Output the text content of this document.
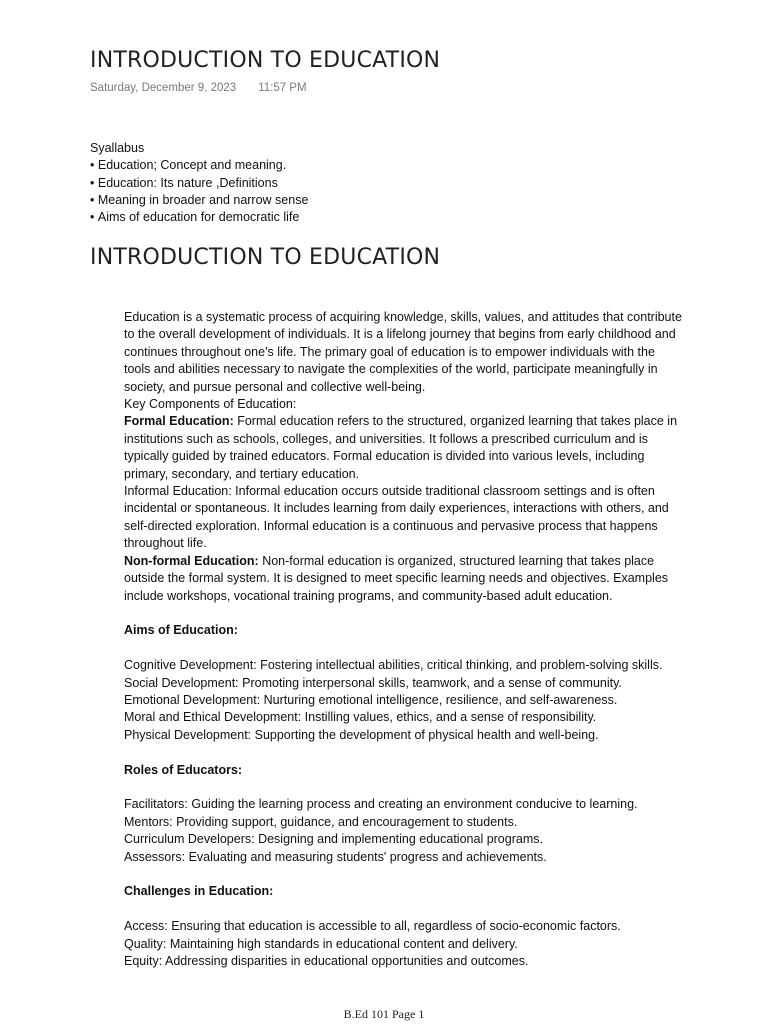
INTRODUCTION TO EDUCATION
Saturday, December 9, 2023 11:57 PM
Syallabus
• Education; Concept and meaning.
• Education: Its nature ,Definitions
• Meaning in broader and narrow sense
• Aims of education for democratic life
INTRODUCTION TO EDUCATION

Education is a systematic process of acquiring knowledge, skills, values, and attitudes that contribute to the overall development of individuals. It is a lifelong journey that begins from early childhood and continues throughout one's life. The primary goal of education is to empower individuals with the tools and abilities necessary to navigate the complexities of the world, participate meaningfully in society, and pursue personal and collective well-being.

Key Components of Education:

Formal Education: Formal education refers to the structured, organized learning that takes place in institutions such as schools, colleges, and universities. It follows a prescribed curriculum and is typically guided by trained educators. Formal education is divided into various levels, including primary, secondary, and tertiary education.

Informal Education: Informal education occurs outside traditional classroom settings and is often incidental or spontaneous. It includes learning from daily experiences, interactions with others, and self-directed exploration. Informal education is a continuous and pervasive process that happens throughout life.

Non-formal Education: Non-formal education is organized, structured learning that takes place outside the formal system. It is designed to meet specific learning needs and objectives. Examples include workshops, vocational training programs, and community-based adult education.

Aims of Education:

Cognitive Development: Fostering intellectual abilities, critical thinking, and problem-solving skills.

Social Development: Promoting interpersonal skills, teamwork, and a sense of community.

Emotional Development: Nurturing emotional intelligence, resilience, and self-awareness.

Moral and Ethical Development: Instilling values, ethics, and a sense of responsibility.

Physical Development: Supporting the development of physical health and well-being.

Roles of Educators:

Facilitators: Guiding the learning process and creating an environment conducive to learning.

Mentors: Providing support, guidance, and encouragement to students.

Curriculum Developers: Designing and implementing educational programs.

Assessors: Evaluating and measuring students' progress and achievements.

Challenges in Education:

Access: Ensuring that education is accessible to all, regardless of socio-economic factors.

Quality: Maintaining high standards in educational content and delivery.

Equity: Addressing disparities in educational opportunities and outcomes.

B.Ed 101 Page 1
